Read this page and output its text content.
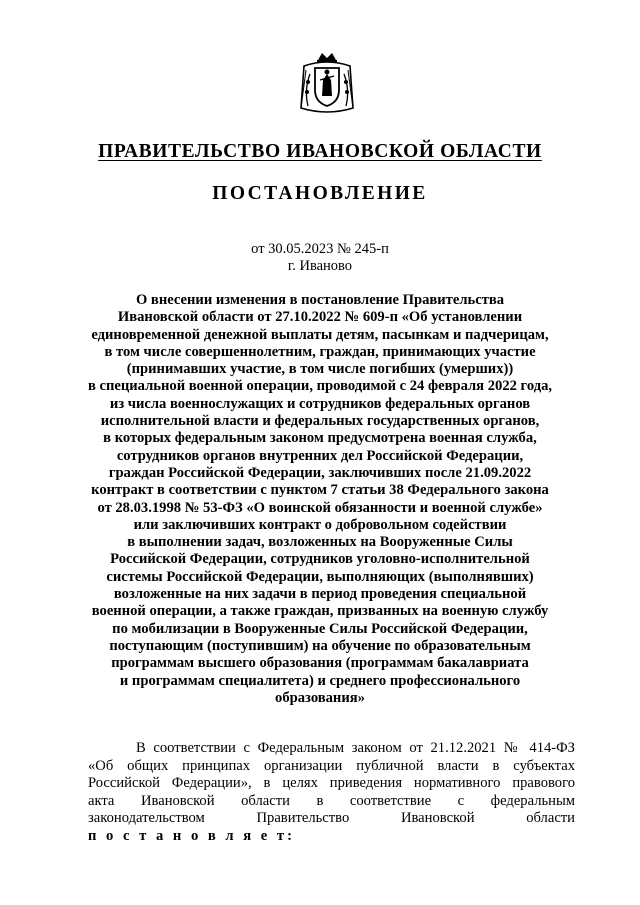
ПРАВИТЕЛЬСТВО ИВАНОВСКОЙ ОБЛАСТИ
ПОСТАНОВЛЕНИЕ
от 30.05.2023 № 245-п
г. Иваново
О внесении изменения в постановление Правительства
Ивановской области от 27.10.2022 № 609-п «Об установлении
единовременной денежной выплаты детям, пасынкам и падчерицам,
в том числе совершеннолетним, граждан, принимающих участие
(принимавших участие, в том числе погибших (умерших))
в специальной военной операции, проводимой с 24 февраля 2022 года,
из числа военнослужащих и сотрудников федеральных органов
исполнительной власти и федеральных государственных органов,
в которых федеральным законом предусмотрена военная служба,
сотрудников органов внутренних дел Российской Федерации,
граждан Российской Федерации, заключивших после 21.09.2022
контракт в соответствии с пунктом 7 статьи 38 Федерального закона
от 28.03.1998 № 53-ФЗ «О воинской обязанности и военной службе»
или заключивших контракт о добровольном содействии
в выполнении задач, возложенных на Вооруженные Силы
Российской Федерации, сотрудников уголовно-исполнительной
системы Российской Федерации, выполняющих (выполнявших)
возложенные на них задачи в период проведения специальной
военной операции, а также граждан, призванных на военную службу
по мобилизации в Вооруженные Силы Российской Федерации,
поступающим (поступившим) на обучение по образовательным
программам высшего образования (программам бакалавриата
и программам специалитета) и среднего профессионального
образования»
В соответствии с Федеральным законом от 21.12.2021 № 414-ФЗ
«Об общих принципах организации публичной власти в субъектах
Российской Федерации», в целях приведения нормативного правового
акта Ивановской области в соответствие с федеральным
законодательством Правительство Ивановской области
п о с т а н о в л я е т:
